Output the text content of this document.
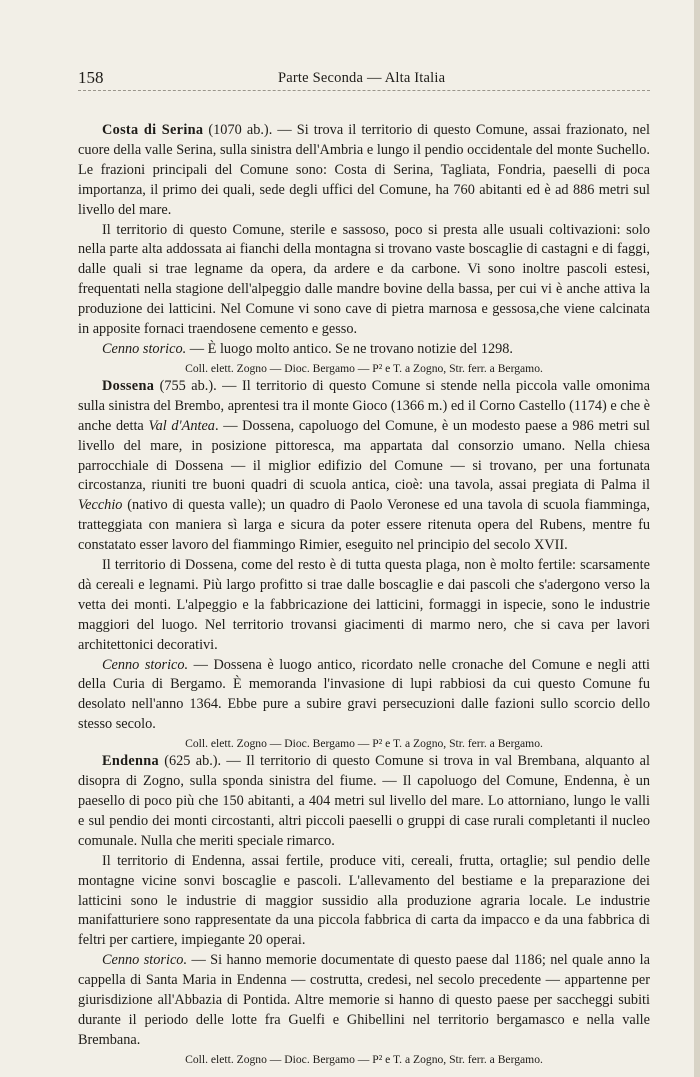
158	Parte Seconda — Alta Italia

Costa di Serina (1070 ab.). — Si trova il territorio di questo Comune, assai frazionato, nel cuore della valle Serina, sulla sinistra dell'Ambria e lungo il pendio occidentale del monte Suchello. Le frazioni principali del Comune sono: Costa di Serina, Tagliata, Fondria, paeselli di poca importanza, il primo dei quali, sede degli uffici del Comune, ha 760 abitanti ed è ad 886 metri sul livello del mare.

Il territorio di questo Comune, sterile e sassoso, poco si presta alle usuali coltivazioni: solo nella parte alta addossata ai fianchi della montagna si trovano vaste boscaglie di castagni e di faggi, dalle quali si trae legname da opera, da ardere e da carbone. Vi sono inoltre pascoli estesi, frequentati nella stagione dell'alpeggio dalle mandre bovine della bassa, per cui vi è anche attiva la produzione dei latticini. Nel Comune vi sono cave di pietra marnosa e gessosa,che viene calcinata in apposite fornaci traendosene cemento e gesso.

Cenno storico. — È luogo molto antico. Se ne trovano notizie del 1298.

Coll. elett. Zogno — Dioc. Bergamo — P² e T. a Zogno, Str. ferr. a Bergamo.

Dossena (755 ab.). — Il territorio di questo Comune si stende nella piccola valle omonima sulla sinistra del Brembo, aprentesi tra il monte Gioco (1366 m.) ed il Corno Castello (1174) e che è anche detta Val d'Antea. — Dossena, capoluogo del Comune, è un modesto paese a 986 metri sul livello del mare, in posizione pittoresca, ma appartata dal consorzio umano. Nella chiesa parrocchiale di Dossena — il miglior edifizio del Comune — si trovano, per una fortunata circostanza, riuniti tre buoni quadri di scuola antica, cioè: una tavola, assai pregiata di Palma il Vecchio (nativo di questa valle); un quadro di Paolo Veronese ed una tavola di scuola fiamminga, tratteggiata con maniera sì larga e sicura da poter essere ritenuta opera del Rubens, mentre fu constatato esser lavoro del fiammingo Rimier, eseguito nel principio del secolo XVII.

Il territorio di Dossena, come del resto è di tutta questa plaga, non è molto fertile: scarsamente dà cereali e legnami. Più largo profitto si trae dalle boscaglie e dai pascoli che s'adergono verso la vetta dei monti. L'alpeggio e la fabbricazione dei latticini, formaggi in ispecie, sono le industrie maggiori del luogo. Nel territorio trovansi giacimenti di marmo nero, che si cava per lavori architettonici decorativi.

Cenno storico. — Dossena è luogo antico, ricordato nelle cronache del Comune e negli atti della Curia di Bergamo. È memoranda l'invasione di lupi rabbiosi da cui questo Comune fu desolato nell'anno 1364. Ebbe pure a subire gravi persecuzioni dalle fazioni sullo scorcio dello stesso secolo.

Coll. elett. Zogno — Dioc. Bergamo — P² e T. a Zogno, Str. ferr. a Bergamo.

Endenna (625 ab.). — Il territorio di questo Comune si trova in val Brembana, alquanto al disopra di Zogno, sulla sponda sinistra del fiume. — Il capoluogo del Comune, Endenna, è un paesello di poco più che 150 abitanti, a 404 metri sul livello del mare. Lo attorniano, lungo le valli e sul pendio dei monti circostanti, altri piccoli paeselli o gruppi di case rurali completanti il nucleo comunale. Nulla che meriti speciale rimarco.

Il territorio di Endenna, assai fertile, produce viti, cereali, frutta, ortaglie; sul pendio delle montagne vicine sonvi boscaglie e pascoli. L'allevamento del bestiame e la preparazione dei latticini sono le industrie di maggior sussidio alla produzione agraria locale. Le industrie manifatturiere sono rappresentate da una piccola fabbrica di carta da impacco e da una fabbrica di feltri per cartiere, impiegante 20 operai.

Cenno storico. — Si hanno memorie documentate di questo paese dal 1186; nel quale anno la cappella di Santa Maria in Endenna — costrutta, credesi, nel secolo precedente — appartenne per giurisdizione all'Abbazia di Pontida. Altre memorie si hanno di questo paese per saccheggi subiti durante il periodo delle lotte fra Guelfi e Ghibellini nel territorio bergamasco e nella valle Brembana.

Coll. elett. Zogno — Dioc. Bergamo — P² e T. a Zogno, Str. ferr. a Bergamo.
